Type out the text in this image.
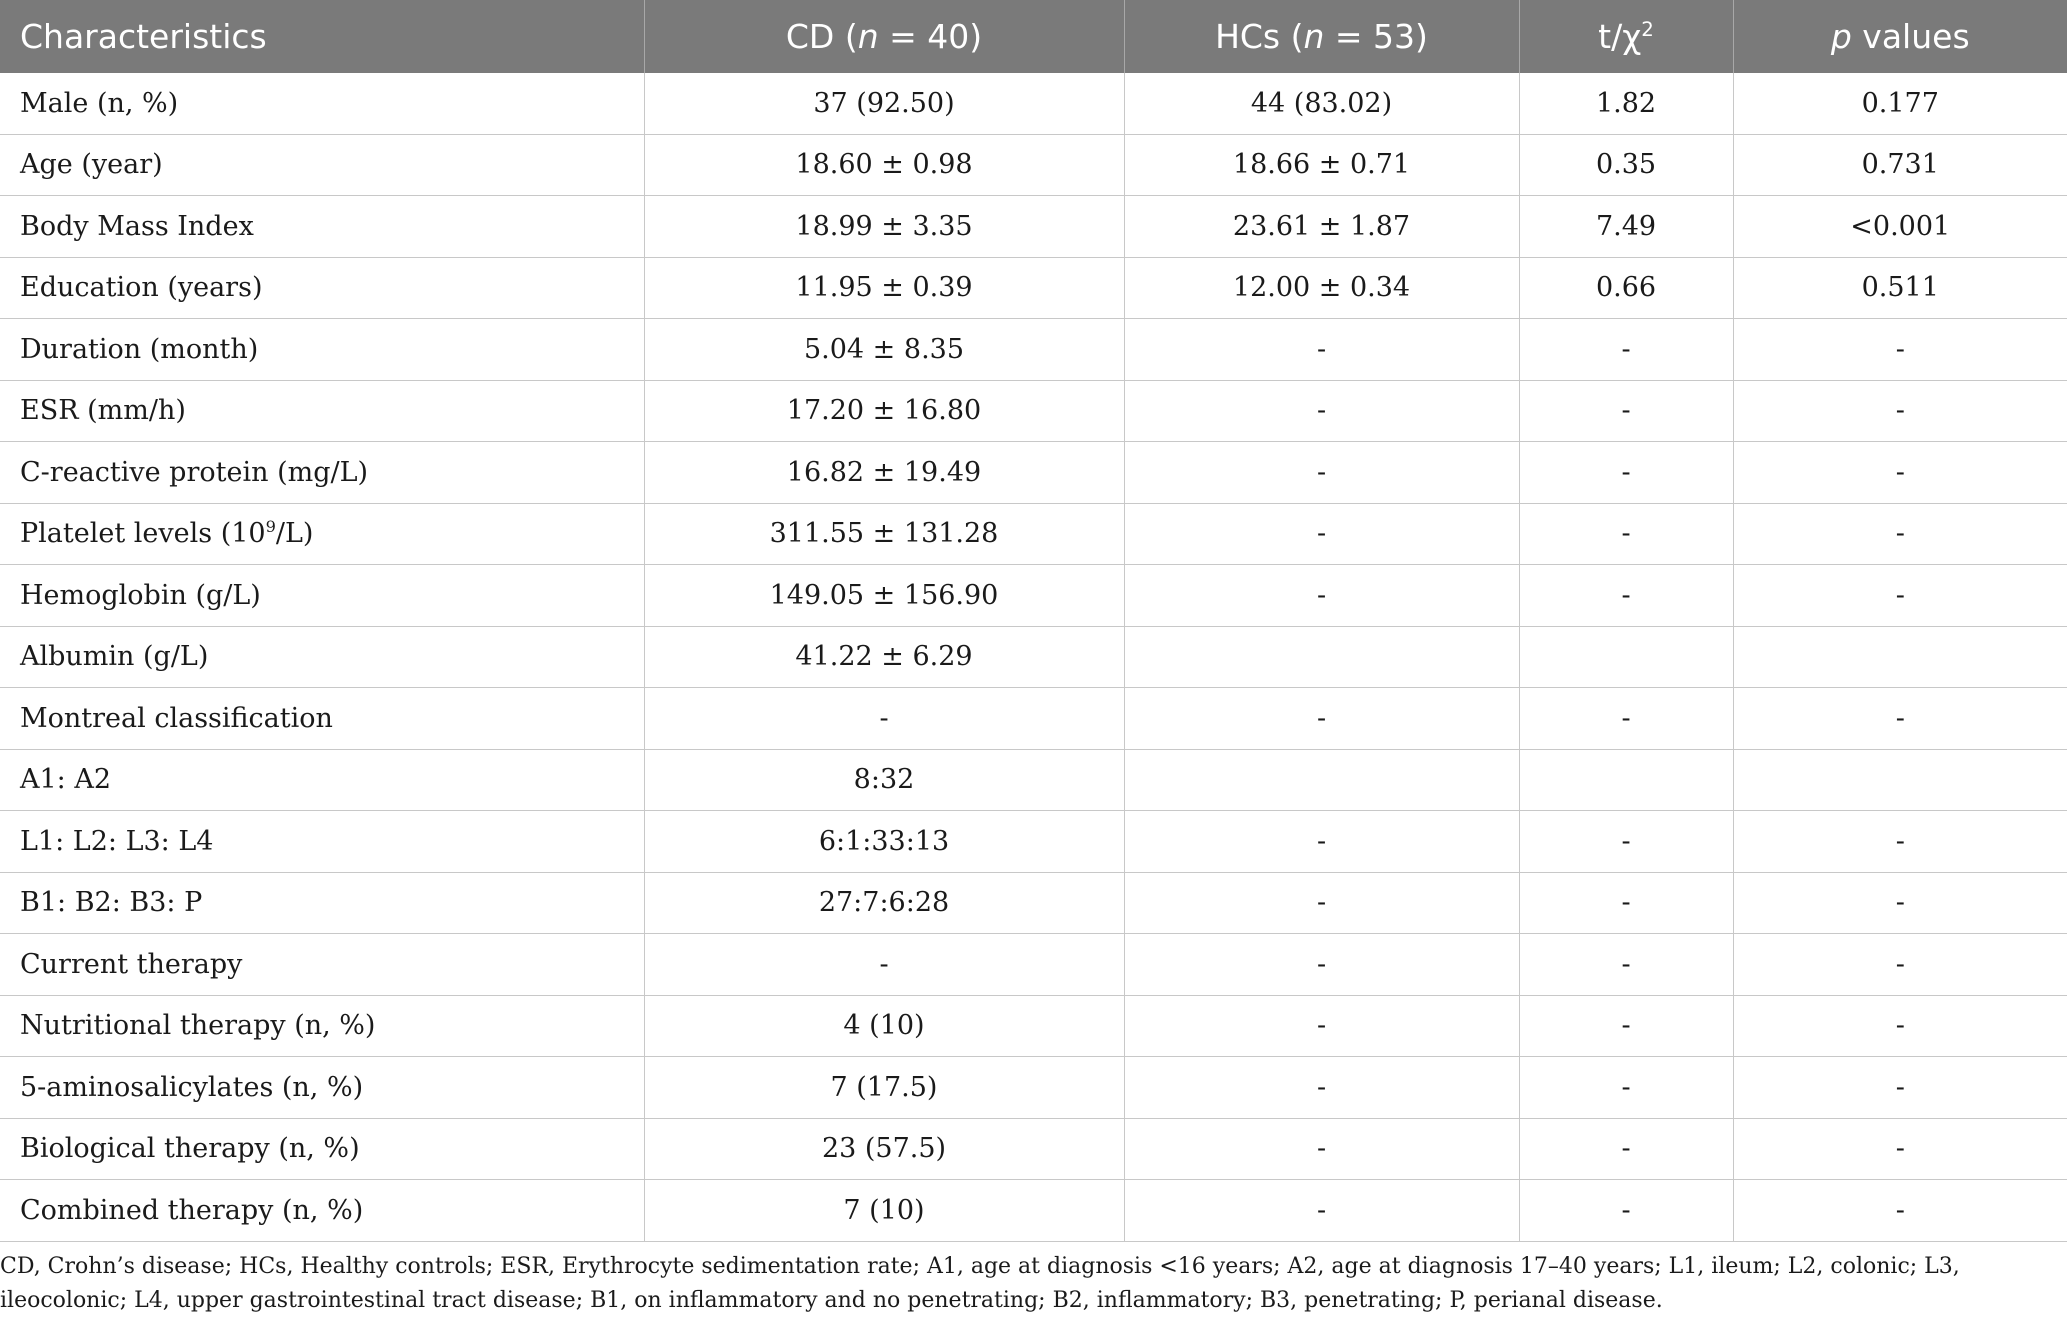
Characteristics	CD (n = 40)	HCs (n = 53)	$t/\chi^2$	p values
Male (n, %)	37 (92.50)	44 (83.02)	1.82	0.177
Age (year)	18.60 ± 0.98	18.66 ± 0.71	0.35	0.731
Body Mass Index	18.99 ± 3.35	23.61 ± 1.87	7.49	<0.001
Education (years)	11.95 ± 0.39	12.00 ± 0.34	0.66	0.511
Duration (month)	5.04 ± 8.35	-	-	-
ESR (mm/h)	17.20 ± 16.80	-	-	-
C-reactive protein (mg/L)	16.82 ± 19.49	-	-	-
Platelet levels $(10^9/L)$	311.55 ± 131.28	-	-	-
Hemoglobin (g/L)	149.05 ± 156.90	-	-	-
Albumin (g/L)	41.22 ± 6.29			
Montreal classification	-	-	-	-
A1: A2	8:32			
L1: L2: L3: L4	6:1:33:13	-	-	-
B1: B2: B3: P	27:7:6:28	-	-	-
Current therapy	-	-	-	-
Nutritional therapy (n, %)	4 (10)	-	-	-
5-aminosalicylates (n, %)	7 (17.5)	-	-	-
Biological therapy (n, %)	23 (57.5)	-	-	-
Combined therapy (n, %)	7 (10)	-	-	-
CD, Crohn’s disease; HCs, Healthy controls; ESR, Erythrocyte sedimentation rate; A1, age at diagnosis <16 years; A2, age at diagnosis 17–40 years; L1, ileum; L2, colonic; L3, ileocolonic; L4, upper gastrointestinal tract disease; B1, on inflammatory and no penetrating; B2, inflammatory; B3, penetrating; P, perianal disease.
